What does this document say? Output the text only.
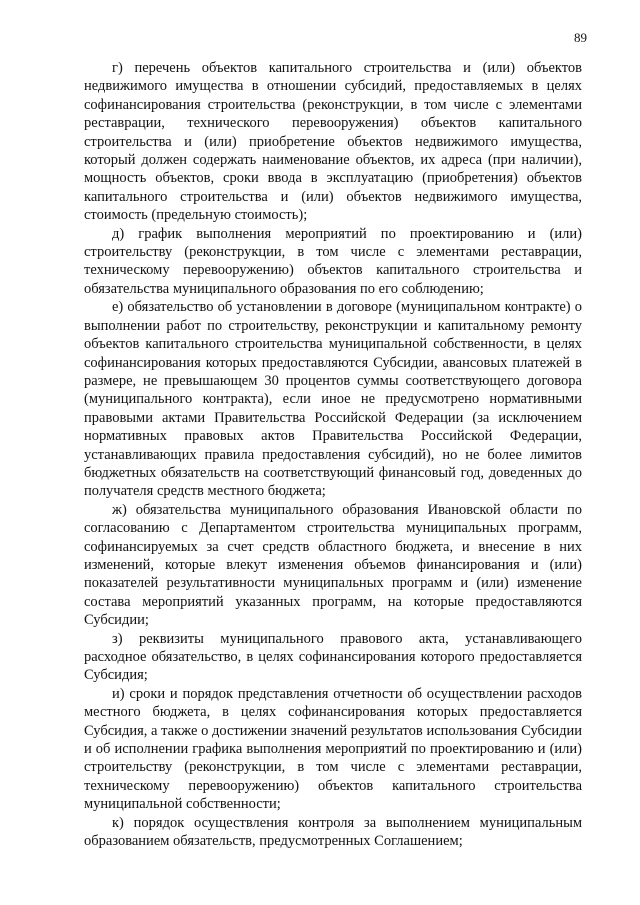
89

г) перечень объектов капитального строительства и (или) объектов недвижимого имущества в отношении субсидий, предоставляемых в целях софинансирования строительства (реконструкции, в том числе с элементами реставрации, технического перевооружения) объектов капитального строительства и (или) приобретение объектов недвижимого имущества, который должен содержать наименование объектов, их адреса (при наличии), мощность объектов, сроки ввода в эксплуатацию (приобретения) объектов капитального строительства и (или) объектов недвижимого имущества, стоимость (предельную стоимость);

д) график выполнения мероприятий по проектированию и (или) строительству (реконструкции, в том числе с элементами реставрации, техническому перевооружению) объектов капитального строительства и обязательства муниципального образования по его соблюдению;

е) обязательство об установлении в договоре (муниципальном контракте) о выполнении работ по строительству, реконструкции и капитальному ремонту объектов капитального строительства муниципальной собственности, в целях софинансирования которых предоставляются Субсидии, авансовых платежей в размере, не превышающем 30 процентов суммы соответствующего договора (муниципального контракта), если иное не предусмотрено нормативными правовыми актами Правительства Российской Федерации (за исключением нормативных правовых актов Правительства Российской Федерации, устанавливающих правила предоставления субсидий), но не более лимитов бюджетных обязательств на соответствующий финансовый год, доведенных до получателя средств местного бюджета;

ж) обязательства муниципального образования Ивановской области по согласованию с Департаментом строительства муниципальных программ, софинансируемых за счет средств областного бюджета, и внесение в них изменений, которые влекут изменения объемов финансирования и (или) показателей результативности муниципальных программ и (или) изменение состава мероприятий указанных программ, на которые предоставляются Субсидии;

з) реквизиты муниципального правового акта, устанавливающего расходное обязательство, в целях софинансирования которого предоставляется Субсидия;

и) сроки и порядок представления отчетности об осуществлении расходов местного бюджета, в целях софинансирования которых предоставляется Субсидия, а также о достижении значений результатов использования Субсидии и об исполнении графика выполнения мероприятий по проектированию и (или) строительству (реконструкции, в том числе с элементами реставрации, техническому перевооружению) объектов капитального строительства муниципальной собственности;

к) порядок осуществления контроля за выполнением муниципальным образованием обязательств, предусмотренных Соглашением;
